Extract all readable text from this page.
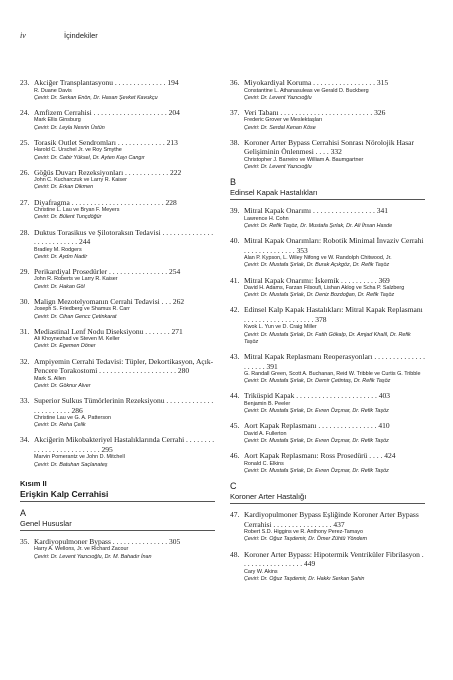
iv	İçindekiler
23. Akciğer Transplantasyonu . . . . . . . . . . . . . . 194
R. Duane Davis
Çeviri: Dr. Serkan Enön, Dr. Hasan Şevket Kavukçu
24. Amfizem Cerrahisi . . . . . . . . . . . . . . . . . . . . 204
Mark Ellis Ginsburg
Çeviri: Dr. Leyla Nesrin Üstün
25. Torasik Outlet Sendromları . . . . . . . . . . . . . 213
Harold C. Urschel Jr. ve Roy Smythe
Çeviri: Dr. Cabir Yüksel, Dr. Ayten Kayı Cangır
26. Göğüs Duvarı Rezeksiyonları . . . . . . . . . . . . 222
John C. Kucharczuk ve Larry R. Kaiser
Çeviri: Dr. Erkan Dikmen
27. Diyafragma . . . . . . . . . . . . . . . . . . . . . . . . . 228
Christine L. Lau ve Bryan F. Meyers
Çeviri: Dr. Bülent Tunçdöğür
28. Duktus Torasikus ve Şilotoraksın Tedavisi . . . . . . . . . . . . . . . . . . . . . . . . . . 244
Bradley M. Rodgers
Çeviri: Dr. Aydın Nadir
29. Perikardiyal Prosedürler . . . . . . . . . . . . . . . . 254
John R. Roberts ve Larry R. Kaiser
Çeviri: Dr. Hakan Göl
30. Malign Mezotelyomanın Cerrahi Tedavisi . . . 262
Joseph S. Friedberg ve Shamus R. Carr
Çeviri: Dr. Cihan Gencc Çetinkarat
31. Mediastinal Lenf Nodu Diseksiyonu . . . . . . . 271
Ali Khoynezhad ve Steven M. Keller
Çeviri: Dr. Egemen Döner
32. Ampiyemin Cerrahi Tedavisi: Tüpler, Dekortikasyon, Açık-Pencere Torakostomi . . . . . . . . . . . . . . . . . . . . . 280
Mark S. Allen
Çeviri: Dr. Göknur Alver
33. Superior Sulkus Tümörlerinin Rezeksiyonu . . . . . . . . . . . . . . . . . . . . . . . 286
Christine Lau ve G. A. Patterson
Çeviri: Dr. Reha Çelik
34. Akciğerin Mikobakteriyel Hastalıklarında Cerrahi . . . . . . . . . . . . . . . . . . . . . . . . . . 295
Marvin Pomerantz ve John D. Mitchell
Çeviri: Dr. Batuhan Saçlanateş
Kısım II
Erişkin Kalp Cerrahisi
A
Genel Hususlar
35. Kardiyopulmoner Bypass . . . . . . . . . . . . . . . 305
Harry A. Wellons, Jr. ve Richard Zacour
Çeviri: Dr. Levent Yazıcıoğlu, Dr. M. Bahadır İnan
36. Miyokardiyal Koruma . . . . . . . . . . . . . . . . . 315
Constantine L. Athanasuleas ve Gerald D. Buckberg
Çeviri: Dr. Levent Yazıcıoğlu
37. Veri Tabanı . . . . . . . . . . . . . . . . . . . . . . . . . 326
Frederic Grover ve Meslektaşları
Çeviri: Dr. Serdal Kenan Köse
38. Koroner Arter Bypass Cerrahisi Sonrası Nörolojik Hasar Gelişiminin Önlenmesi . . . . 332
Christopher J. Barreiro ve William A. Baumgartner
Çeviri: Dr. Levent Yazıcıoğlu
B
Edinsel Kapak Hastalıkları
39. Mitral Kapak Onarımı . . . . . . . . . . . . . . . . . 341
Lawrence H. Cohn
Çeviri: Dr. Refik Taşöz, Dr. Mustafa Şırlak, Dr. Ali İhsan Hasde
40. Mitral Kapak Onarımları: Robotik Minimal İnvaziv Cerrahi . . . . . . . . . . . . . . 353
Alan P. Kypson, L. Wiley Nifong ve W. Randolph Chitwood, Jr.
Çeviri: Dr. Mustafa Şırlak, Dr. Burak Açıkgöz, Dr. Refik Taşöz
41. Mitral Kapak Onarımı: İskemik . . . . . . . . . . 369
David H. Adams, Farzan Filsoufi, Lishan Aklog ve Scha P. Salzberg
Çeviri: Dr. Mustafa Şırlak, Dr. Deniz Bozdoğan, Dr. Refik Taşöz
42. Edinsel Kalp Kapak Hastalıkları: Mitral Kapak Replasmanı . . . . . . . . . . . . . . . . . . . 378
Kwok L. Yun ve D. Craig Miller
Çeviri: Dr. Mustafa Şırlak, Dr. Fatih Gökalp, Dr. Amjad Khalil, Dr. Refik Taşöz
43. Mitral Kapak Replasmanı Reoperasyonları . . . . . . . . . . . . . . . . . . . . 391
G. Randall Green, Scott A. Buchanan, Reid W. Tribble ve Curtis G. Tribble
Çeviri: Dr. Mustafa Şırlak, Dr. Demir Çetintaş, Dr. Refik Taşöz
44. Triküspid Kapak . . . . . . . . . . . . . . . . . . . . . . 403
Benjamin B. Peeler
Çeviri: Dr. Mustafa Şırlak, Dr. Evren Özçınar, Dr. Refik Taşöz
45. Aort Kapak Replasmanı . . . . . . . . . . . . . . . . 410
David A. Fullerton
Çeviri: Dr. Mustafa Şırlak, Dr. Evren Özçınar, Dr. Refik Taşöz
46. Aort Kapak Replasmanı: Ross Prosedürü . . . . 424
Ronald C. Elkins
Çeviri: Dr. Mustafa Şırlak, Dr. Evren Özçınar, Dr. Refik Taşöz
C
Koroner Arter Hastalığı
47. Kardiyopulmoner Bypass Eşliğinde Koroner Arter Bypass Cerrahisi . . . . . . . . . . . . . . . . 437
Robert S.D. Higgins ve R. Anthony Perez-Tamayo
Çeviri: Dr. Oğuz Taşdemir, Dr. Ömer Zühtü Yöndem
48. Koroner Arter Bypass: Hipotermik Ventriküler Fibrilasyon . . . . . . . . . . . . . . . . . 449
Cary W. Akins
Çeviri: Dr. Oğuz Taşdemir, Dr. Hakkı Serkan Şahin
